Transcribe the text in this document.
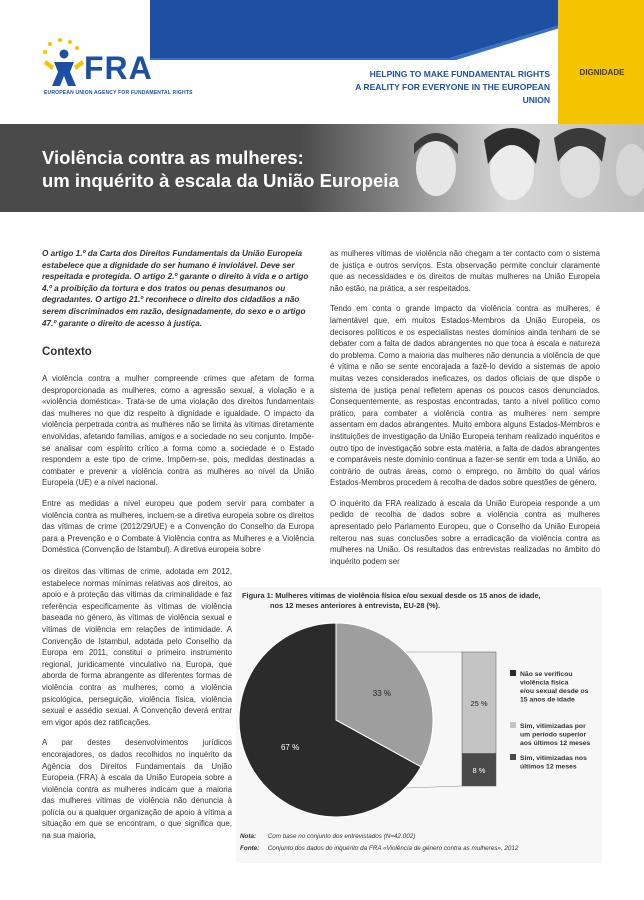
FRA
EUROPEAN UNION AGENCY FOR FUNDAMENTAL RIGHTS
HELPING TO MAKE FUNDAMENTAL RIGHTS
A REALITY FOR EVERYONE IN THE EUROPEAN UNION
DIGNIDADE
Violência contra as mulheres:
um inquérito à escala da União Europeia
O artigo 1.º da Carta dos Direitos Fundamentais da União Europeia estabelece que a dignidade do ser humano é inviolável. Deve ser respeitada e protegida. O artigo 2.º garante o direito à vida e o artigo 4.º a proibição da tortura e dos tratos ou penas desumanos ou degradantes. O artigo 21.º reconhece o direito dos cidadãos a não serem discriminados em razão, designadamente, do sexo e o artigo 47.º garante o direito de acesso à justiça.
Contexto

A violência contra a mulher compreende crimes que afetam de forma desproporcionada as mulheres, como a agressão sexual, a violação e a «violência doméstica». Trata-se de uma violação dos direitos fundamentais das mulheres no que diz respeito à dignidade e igualdade. O impacto da violência perpetrada contra as mulheres não se limita às vítimas diretamente envolvidas, afetando famílias, amigos e a sociedade no seu conjunto. Impõe-se analisar com espírito crítico a forma como a sociedade e o Estado respondem a este tipo de crime. Impõem-se, pois, medidas destinadas a combater e prevenir a violência contra as mulheres ao nível da União Europeia (UE) e a nível nacional.

Entre as medidas a nível europeu que podem servir para combater a violência contra as mulheres, incluem-se a diretiva europeia sobre os direitos das vítimas de crime (2012/29/UE) e a Convenção do Conselho da Europa para a Prevenção e o Combate à Violência contra as Mulheres e a Violência Doméstica (Convenção de Istambul). A diretiva europeia sobre

os direitos das vítimas de crime, adotada em 2012, estabelece normas mínimas relativas aos direitos, ao apoio e à proteção das vítimas da criminalidade e faz referência especificamente às vítimas de violência baseada no género, às vítimas de violência sexual e vítimas de violência em relações de intimidade. A Convenção de Istambul, adotada pelo Conselho da Europa em 2011, constitui o primeiro instrumento regional, juridicamente vinculativo na Europa, que aborda de forma abrangente as diferentes formas de violência contra as mulheres, como a violência psicológica, perseguição, violência física, violência sexual e assédio sexual. A Convenção deverá entrar em vigor após dez ratificações.

A par destes desenvolvimentos jurídicos encorajadores, os dados recolhidos no inquérito da Agência dos Direitos Fundamentais da União Europeia (FRA) à escala da União Europeia sobre a violência contra as mulheres indicam que a maioria das mulheres vítimas de violência não denuncia à polícia ou a qualquer organização de apoio à vítima a situação em que se encontram, o que significa que, na sua maioria,

as mulheres vítimas de violência não chegam a ter contacto com o sistema de justiça e outros serviços. Esta observação permite concluir claramente que as necessidades e os direitos de muitas mulheres na União Europeia não estão, na prática, a ser respeitados.

Tendo em conta o grande impacto da violência contra as mulheres, é lamentável que, em muitos Estados-Membros da União Europeia, os decisores políticos e os especialistas nestes domínios ainda tenham de se debater com a falta de dados abrangentes no que toca à escala e natureza do problema. Como a maioria das mulheres não denuncia a violência de que é vítima e não se sente encorajada a fazê-lo devido a sistemas de apoio muitas vezes considerados ineficazes, os dados oficiais de que dispõe o sistema de justiça penal refletem apenas os poucos casos denunciados. Consequentemente, as respostas encontradas, tanto a nível político como prático, para combater a violência contra as mulheres nem sempre assentam em dados abrangentes. Muito embora alguns Estados-Membros e instituições de investigação da União Europeia tenham realizado inquéritos e outro tipo de investigação sobre esta matéria, a falta de dados abrangentes e comparáveis neste domínio continua a fazer-se sentir em toda a União, ao contrário de outras áreas, como o emprego, no âmbito do qual vários Estados-Membros procedem à recolha de dados sobre questões de género.

O inquérito da FRA realizado à escala da União Europeia responde a um pedido de recolha de dados sobre a violência contra as mulheres apresentado pelo Parlamento Europeu, que o Conselho da União Europeia reiterou nas suas conclusões sobre a erradicação da violência contra as mulheres na União. Os resultados das entrevistas realizadas no âmbito do inquérito podem ser

Figura 1: Mulheres vítimas de violência física e/ou sexual desde os 15 anos de idade,
nos 12 meses anteriores à entrevista, EU-28 (%).
67 %
33 %
25 %
8 %
Não se verificou violência física e/ou sexual desde os 15 anos de idade
Sim, vitimizadas por um período superior aos últimos 12 meses
Sim, vitimizadas nos últimos 12 meses
Nota: Com base no conjunto dos entrevistados (N=42.002)
Fonte: Conjunto dos dados do inquérito da FRA «Violência de género contra as mulheres», 2012
